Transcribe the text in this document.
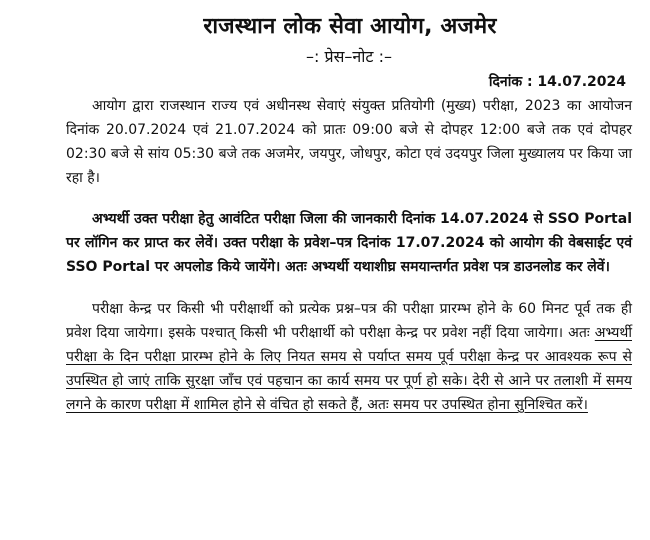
राजस्थान लोक सेवा आयोग, अजमेर
–: प्रेस–नोट :–
दिनांक : 14.07.2024

आयोग द्वारा राजस्थान राज्य एवं अधीनस्थ सेवाएं संयुक्त प्रतियोगी (मुख्य) परीक्षा, 2023 का आयोजन दिनांक 20.07.2024 एवं 21.07.2024 को प्रातः 09:00 बजे से दोपहर 12:00 बजे तक एवं दोपहर 02:30 बजे से सांय 05:30 बजे तक अजमेर, जयपुर, जोधपुर, कोटा एवं उदयपुर जिला मुख्यालय पर किया जा रहा है।

अभ्यर्थी उक्त परीक्षा हेतु आवंटित परीक्षा जिला की जानकारी दिनांक 14.07.2024 से SSO Portal पर लॉगिन कर प्राप्त कर लेवें। उक्त परीक्षा के प्रवेश–पत्र दिनांक 17.07.2024 को आयोग की वेबसाईट एवं SSO Portal पर अपलोड किये जायेंगे। अतः अभ्यर्थी यथाशीघ्र समयान्तर्गत प्रवेश पत्र डाउनलोड कर लेवें।

परीक्षा केन्द्र पर किसी भी परीक्षार्थी को प्रत्येक प्रश्न–पत्र की परीक्षा प्रारम्भ होने के 60 मिनट पूर्व तक ही प्रवेश दिया जायेगा। इसके पश्चात् किसी भी परीक्षार्थी को परीक्षा केन्द्र पर प्रवेश नहीं दिया जायेगा। अतः अभ्यर्थी परीक्षा के दिन परीक्षा प्रारम्भ होने के लिए नियत समय से पर्याप्त समय पूर्व परीक्षा केन्द्र पर आवश्यक रूप से उपस्थित हो जाएं ताकि सुरक्षा जाँच एवं पहचान का कार्य समय पर पूर्ण हो सके। देरी से आने पर तलाशी में समय लगने के कारण परीक्षा में शामिल होने से वंचित हो सकते हैं, अतः समय पर उपस्थित होना सुनिश्चित करें।
